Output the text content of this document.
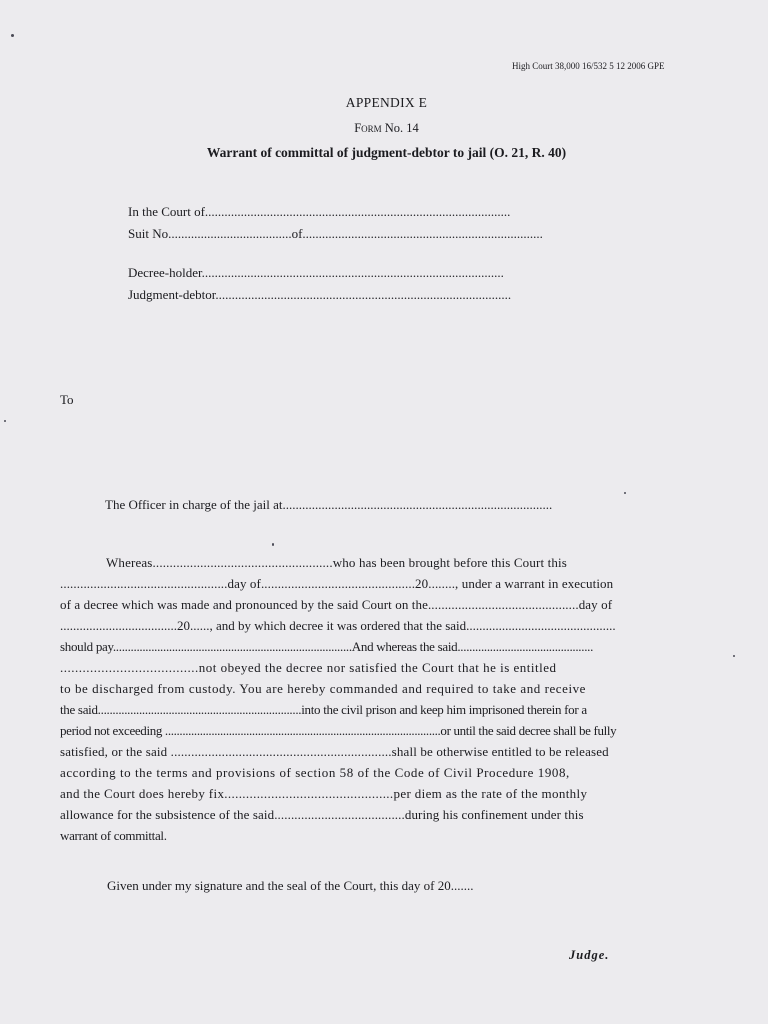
High Court 38,000 16/532 5 12 2006 GPE
APPENDIX E
Form No. 14
Warrant of committal of judgment-debtor to jail (O. 21, R. 40)
In the Court of..............................................................................................
Suit No......................................of..........................................................................
Decree-holder.............................................................................................
Judgment-debtor...........................................................................................
To
The Officer in charge of the jail at...................................................................................
Whereas.....................................................who has been brought before this Court this
..................................................day of..............................................20........, under a warrant in execution
of a decree which was made and pronounced by the said Court on the.............................................day of
....................................20......, and by which decree it was ordered that the said..............................................
should pay.................................................................................And whereas the said..............................................
.....................................not obeyed the decree nor satisfied the Court that he is entitled
to be discharged from custody. You are hereby commanded and required to take and receive
the said.....................................................................into the civil prison and keep him imprisoned therein for a
period not exceeding ...............................................................................................or until the said decree shall be fully
satisfied, or the said .................................................................shall be otherwise entitled to be released
according to the terms and provisions of section 58 of the Code of Civil Procedure 1908,
and the Court does hereby fix...............................................per diem as the rate of the monthly
allowance for the subsistence of the said.......................................during his confinement under this
warrant of committal.
Given under my signature and the seal of the Court, this day of 20.......
Judge.
